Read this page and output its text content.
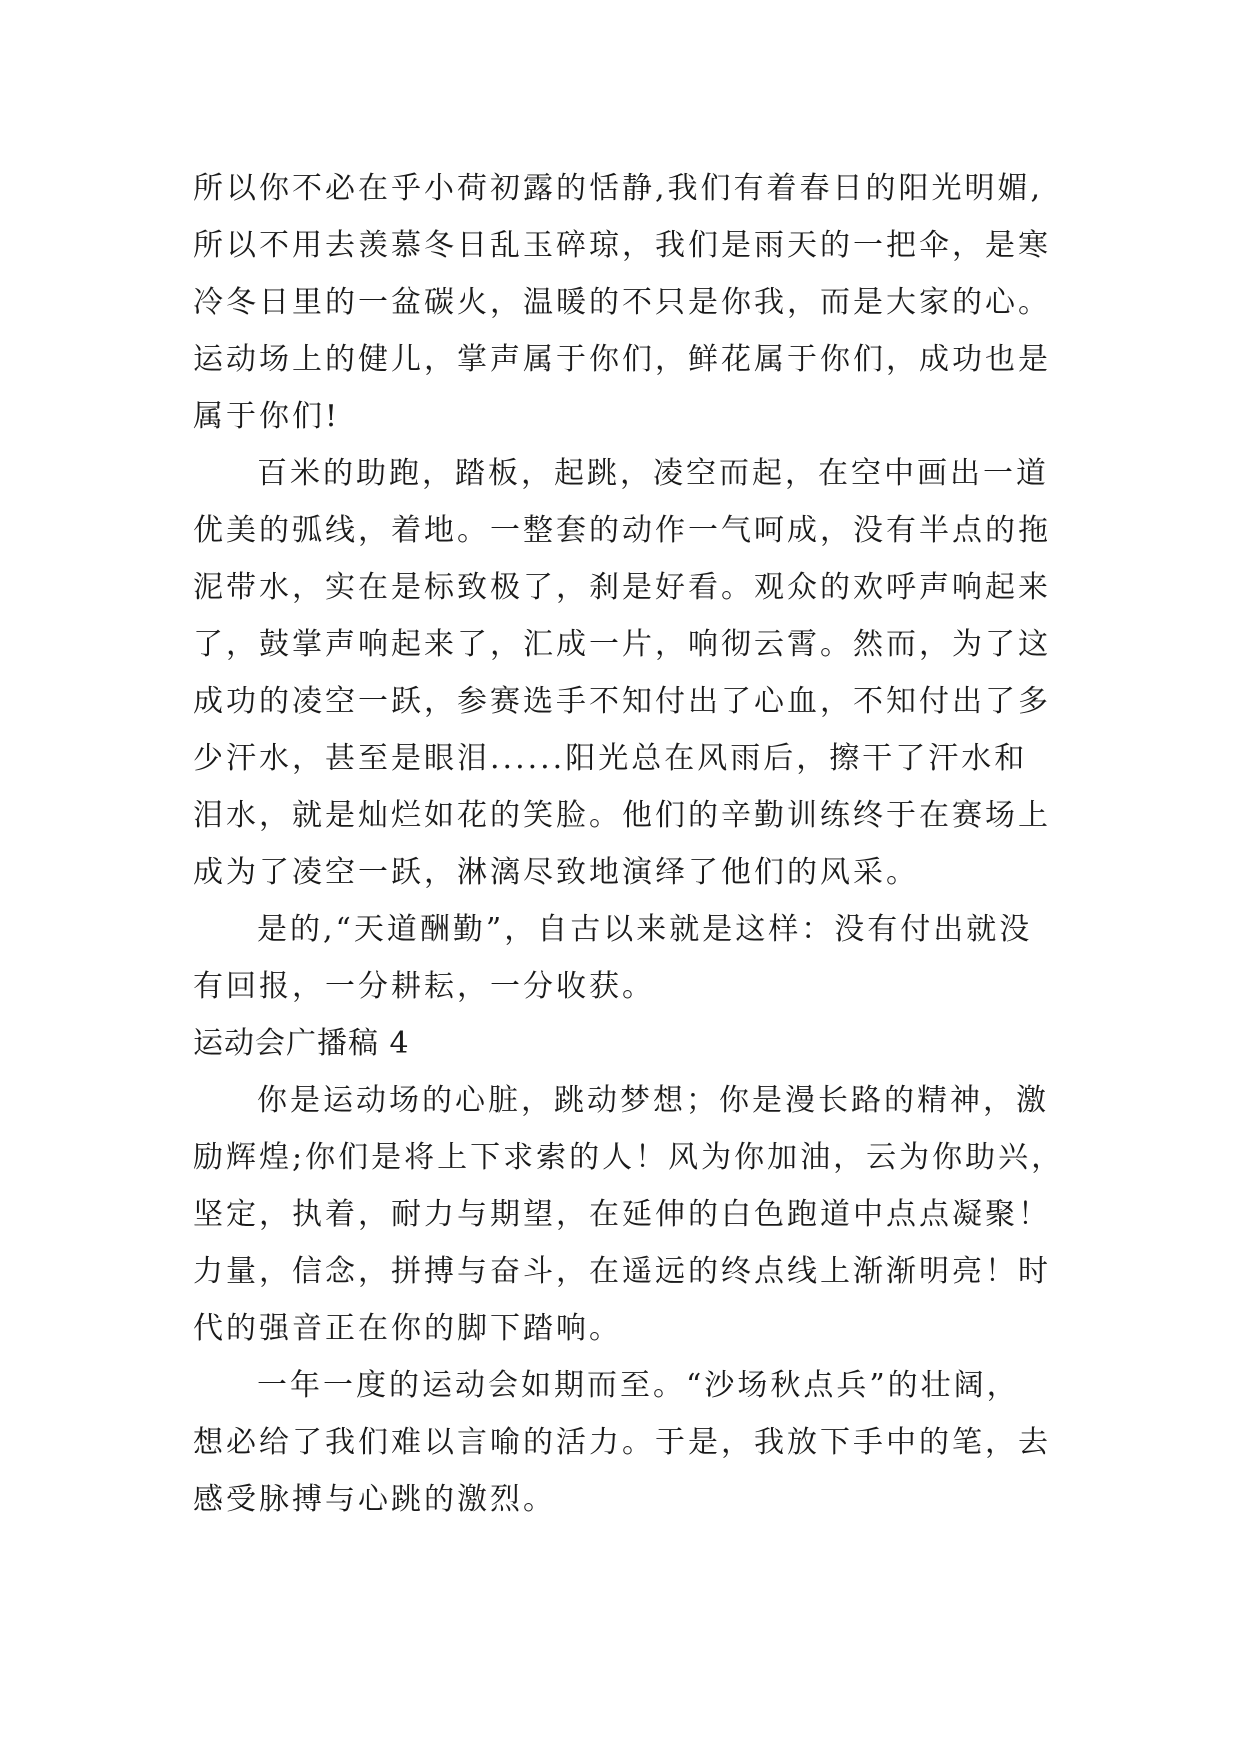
所以你不必在乎小荷初露的恬静,我们有着春日的阳光明媚,
所以不用去羡慕冬日乱玉碎琼，我们是雨天的一把伞，是寒
冷冬日里的一盆碳火，温暖的不只是你我，而是大家的心。
运动场上的健儿，掌声属于你们，鲜花属于你们，成功也是
属于你们!
百米的助跑，踏板，起跳，凌空而起，在空中画出一道
优美的弧线，着地。一整套的动作一气呵成，没有半点的拖
泥带水，实在是标致极了，刹是好看。观众的欢呼声响起来
了，鼓掌声响起来了，汇成一片，响彻云霄。然而，为了这
成功的凌空一跃，参赛选手不知付出了心血，不知付出了多
少汗水，甚至是眼泪......阳光总在风雨后，擦干了汗水和
泪水，就是灿烂如花的笑脸。他们的辛勤训练终于在赛场上
成为了凌空一跃，淋漓尽致地演绎了他们的风采。
是的,“天道酬勤”，自古以来就是这样：没有付出就没
有回报，一分耕耘，一分收获。
运动会广播稿 4
你是运动场的心脏，跳动梦想；你是漫长路的精神，激
励辉煌;你们是将上下求索的人！风为你加油，云为你助兴，
坚定，执着，耐力与期望，在延伸的白色跑道中点点凝聚！
力量，信念，拼搏与奋斗，在遥远的终点线上渐渐明亮！时
代的强音正在你的脚下踏响。
一年一度的运动会如期而至。“沙场秋点兵”的壮阔，
想必给了我们难以言喻的活力。于是，我放下手中的笔，去
感受脉搏与心跳的激烈。
